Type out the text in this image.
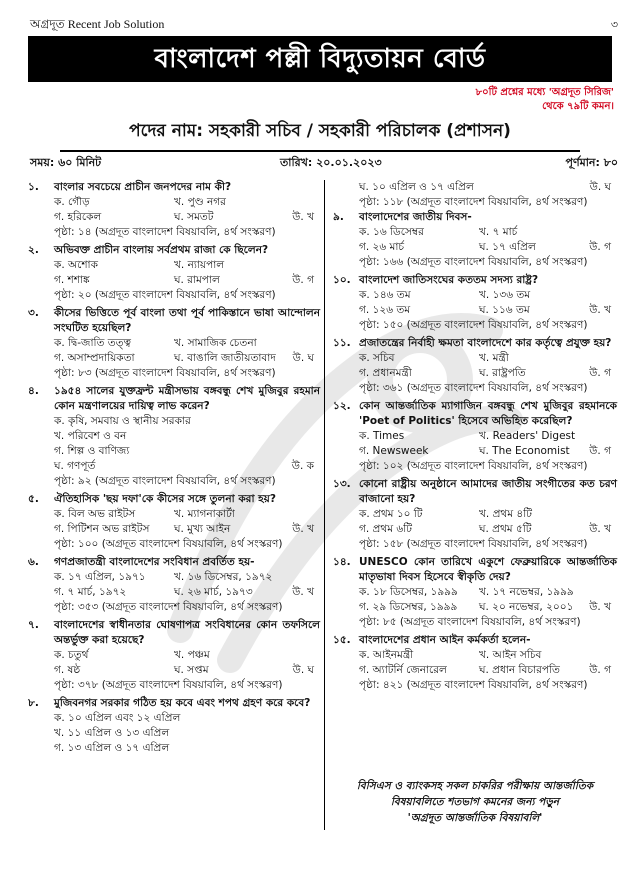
অগ্রদূত Recent Job Solution	৩
বাংলাদেশ পল্লী বিদ্যুতায়ন বোর্ড
৮০টি প্রশ্নের মধ্যে 'অগ্রদূত সিরিজ' থেকে ৭৯টি কমন।
পদের নাম: সহকারী সচিব / সহকারী পরিচালক (প্রশাসন)
সময়: ৬০ মিনিট	তারিখ: ২০.০১.২০২৩	পূর্ণমান: ৮০
১.	বাংলার সবচেয়ে প্রাচীন জনপদের নাম কী?
ক. গৌড়	খ. পুণ্ড নগর
গ. হরিকেল	ঘ. সমতট	উ. খ
পৃষ্ঠা: ১৪ (অগ্রদূত বাংলাদেশ বিষয়াবলি, ৪র্থ সংস্করণ)
২.	অভিবক্ত প্রাচীন বাংলায় সর্বপ্রথম রাজা কে ছিলেন?
ক. অশোক	খ. ন্যায়পাল
গ. শশাঙ্ক	ঘ. রামপাল	উ. গ
পৃষ্ঠা: ২০ (অগ্রদূত বাংলাদেশ বিষয়াবলি, ৪র্থ সংস্করণ)
৩.	কীসের ভিত্তিতে পূর্ব বাংলা তথা পূর্ব পাকিস্তানে ভাষা আন্দোলন সংঘটিত হয়েছিল?
ক. দ্বি-জাতি তত্ত্ব	খ. সামাজিক চেতনা
গ. অসাম্প্রদায়িকতা	ঘ. বাঙালি জাতীয়তাবাদ	উ. ঘ
পৃষ্ঠা: ৮৩ (অগ্রদূত বাংলাদেশ বিষয়াবলি, ৪র্থ সংস্করণ)
৪.	১৯৫৪ সালের যুক্তফ্রন্ট মন্ত্রীসভায় বঙ্গবন্ধু শেখ মুজিবুর রহমান কোন মন্ত্রণালয়ের দায়িত্ব লাভ করেন?
ক. কৃষি, সমবায় ও স্থানীয় সরকার
খ. পরিবেশ ও বন
গ. শিল্প ও বাণিজ্য
ঘ. গণপূর্ত	উ. ক
পৃষ্ঠা: ৯২ (অগ্রদূত বাংলাদেশ বিষয়াবলি, ৪র্থ সংস্করণ)
৫.	ঐতিহাসিক 'ছয় দফা'কে কীসের সঙ্গে তুলনা করা হয়?
ক. বিল অভ রাইটস	খ. ম্যাগনাকার্টা
গ. পিটিশন অভ রাইটস	ঘ. মুখ্য আইন	উ. খ
পৃষ্ঠা: ১০০ (অগ্রদূত বাংলাদেশ বিষয়াবলি, ৪র্থ সংস্করণ)
৬.	গণপ্রজাতন্ত্রী বাংলাদেশের সংবিধান প্রবর্তিত হয়-
ক. ১৭ এপ্রিল, ১৯৭১	খ. ১৬ ডিসেম্বর, ১৯৭২
গ. ৭ মার্চ, ১৯৭২	ঘ. ২৬ মার্চ, ১৯৭৩	উ. খ
পৃষ্ঠা: ৩৫৩ (অগ্রদূত বাংলাদেশ বিষয়াবলি, ৪র্থ সংস্করণ)
৭.	বাংলাদেশের স্বাধীনতার ঘোষণাপত্র সংবিধানের কোন তফসিলে অন্তর্ভুক্ত করা হয়েছে?
ক. চতুর্থ	খ. পঞ্চম
গ. ষষ্ঠ	ঘ. সপ্তম	উ. ঘ
পৃষ্ঠা: ৩৭৮ (অগ্রদূত বাংলাদেশ বিষয়াবলি, ৪র্থ সংস্করণ)
৮.	মুজিবনগর সরকার গঠিত হয় কবে এবং শপথ গ্রহণ করে কবে?
ক. ১০ এপ্রিল এবং ১২ এপ্রিল
খ. ১১ এপ্রিল ও ১৩ এপ্রিল
গ. ১৩ এপ্রিল ও ১৭ এপ্রিল
ঘ. ১০ এপ্রিল ও ১৭ এপ্রিল	উ. ঘ
পৃষ্ঠা: ১১৮ (অগ্রদূত বাংলাদেশ বিষয়াবলি, ৪র্থ সংস্করণ)
৯.	বাংলাদেশের জাতীয় দিবস-
ক. ১৬ ডিসেম্বর	খ. ৭ মার্চ
গ. ২৬ মার্চ	ঘ. ১৭ এপ্রিল	উ. গ
পৃষ্ঠা: ১৬৬ (অগ্রদূত বাংলাদেশ বিষয়াবলি, ৪র্থ সংস্করণ)
১০. বাংলাদেশ জাতিসংঘের কততম সদস্য রাষ্ট্র?
ক. ১৪৬ তম	খ. ১৩৬ তম
গ. ১২৬ তম	ঘ. ১১৬ তম	উ. খ
পৃষ্ঠা: ১৫০ (অগ্রদূত বাংলাদেশ বিষয়াবলি, ৪র্থ সংস্করণ)
১১. প্রজাতন্ত্রের নির্বাহী ক্ষমতা বাংলাদেশে কার কর্তৃত্বে প্রযুক্ত হয়?
ক. সচিব	খ. মন্ত্রী
গ. প্রধানমন্ত্রী	ঘ. রাষ্ট্রপতি	উ. গ
পৃষ্ঠা: ৩৬১ (অগ্রদূত বাংলাদেশ বিষয়াবলি, ৪র্থ সংস্করণ)
১২. কোন আন্তর্জাতিক ম্যাগাজিন বঙ্গবন্ধু শেখ মুজিবুর রহমানকে 'Poet of Politics' হিসেবে অভিহিত করেছিল?
ক. Times	খ. Readers' Digest
গ. Newsweek	ঘ. The Economist	উ. গ
পৃষ্ঠা: ১০২ (অগ্রদূত বাংলাদেশ বিষয়াবলি, ৪র্থ সংস্করণ)
১৩. কোনো রাষ্ট্রীয় অনুষ্ঠানে আমাদের জাতীয় সংগীতের কত চরণ বাজানো হয়?
ক. প্রথম ১০ টি	খ. প্রথম ৪টি
গ. প্রথম ৬টি	ঘ. প্রথম ৫টি	উ. খ
পৃষ্ঠা: ১৫৮ (অগ্রদূত বাংলাদেশ বিষয়াবলি, ৪র্থ সংস্করণ)
১৪. UNESCO কোন তারিখে একুশে ফেব্রুয়ারিকে আন্তর্জাতিক মাতৃভাষা দিবস হিসেবে স্বীকৃতি দেয়?
ক. ১৮ ডিসেম্বর, ১৯৯৯	খ. ১৭ নভেম্বর, ১৯৯৯
গ. ২৯ ডিসেম্বর, ১৯৯৯	ঘ. ২০ নভেম্বর, ২০০১	উ. খ
পৃষ্ঠা: ৮৫ (অগ্রদূত বাংলাদেশ বিষয়াবলি, ৪র্থ সংস্করণ)
১৫. বাংলাদেশের প্রধান আইন কর্মকর্তা হলেন-
ক. আইনমন্ত্রী	খ. আইন সচিব
গ. অ্যাটর্নি জেনারেল	ঘ. প্রধান বিচারপতি	উ. গ
পৃষ্ঠা: ৪২১ (অগ্রদূত বাংলাদেশ বিষয়াবলি, ৪র্থ সংস্করণ)
বিসিএস ও ব্যাংকসহ সকল চাকরির পরীক্ষায় আন্তর্জাতিক
বিষয়াবলিতে শতভাগ কমনের জন্য পড়ুন
'অগ্রদূত আন্তর্জাতিক বিষয়াবলি'
